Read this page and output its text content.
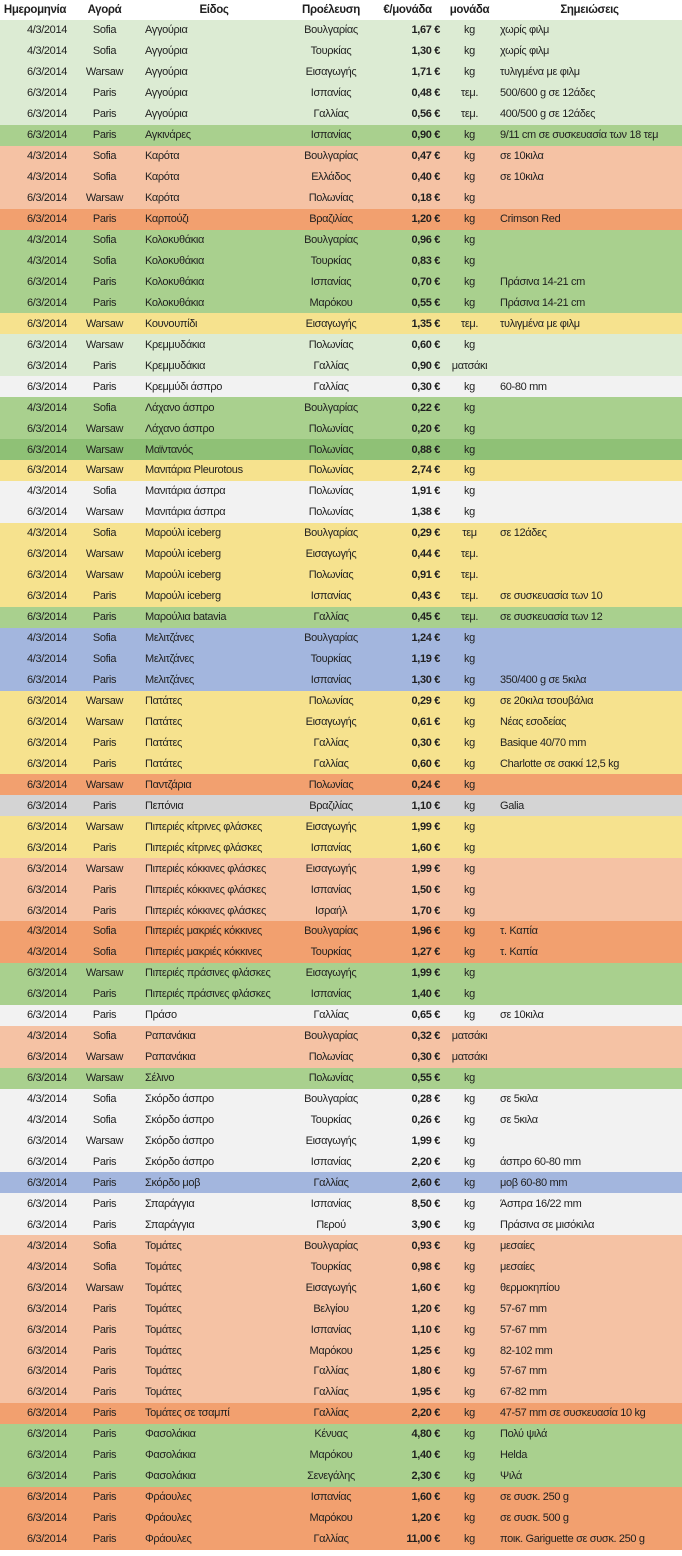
Ημερομηνία	Αγορά	Είδος	Προέλευση	€/μονάδα	μονάδα	Σημειώσεις
4/3/2014	Sofia	Αγγούρια	Βουλγαρίας	1,67 €	kg	χωρίς φιλμ
4/3/2014	Sofia	Αγγούρια	Τουρκίας	1,30 €	kg	χωρίς φιλμ
6/3/2014	Warsaw	Αγγούρια	Εισαγωγής	1,71 €	kg	τυλιγμένα με φιλμ
6/3/2014	Paris	Αγγούρια	Ισπανίας	0,48 €	τεμ.	500/600 g σε 12άδες
6/3/2014	Paris	Αγγούρια	Γαλλίας	0,56 €	τεμ.	400/500 g σε 12άδες
6/3/2014	Paris	Αγκινάρες	Ισπανίας	0,90 €	kg	9/11 cm σε συσκευασία των 18 τεμ
4/3/2014	Sofia	Καρότα	Βουλγαρίας	0,47 €	kg	σε 10κιλα
4/3/2014	Sofia	Καρότα	Ελλάδος	0,40 €	kg	σε 10κιλα
6/3/2014	Warsaw	Καρότα	Πολωνίας	0,18 €	kg
6/3/2014	Paris	Καρπούζι	Βραζιλίας	1,20 €	kg	Crimson Red
4/3/2014	Sofia	Κολοκυθάκια	Βουλγαρίας	0,96 €	kg
4/3/2014	Sofia	Κολοκυθάκια	Τουρκίας	0,83 €	kg
6/3/2014	Paris	Κολοκυθάκια	Ισπανίας	0,70 €	kg	Πράσινα 14-21 cm
6/3/2014	Paris	Κολοκυθάκια	Μαρόκου	0,55 €	kg	Πράσινα 14-21 cm
6/3/2014	Warsaw	Κουνουπίδι	Εισαγωγής	1,35 €	τεμ.	τυλιγμένα με φιλμ
6/3/2014	Warsaw	Κρεμμυδάκια	Πολωνίας	0,60 €	kg
6/3/2014	Paris	Κρεμμυδάκια	Γαλλίας	0,90 €	ματσάκι
6/3/2014	Paris	Κρεμμύδι άσπρο	Γαλλίας	0,30 €	kg	60-80 mm
4/3/2014	Sofia	Λάχανο άσπρο	Βουλγαρίας	0,22 €	kg
6/3/2014	Warsaw	Λάχανο άσπρο	Πολωνίας	0,20 €	kg
6/3/2014	Warsaw	Μαϊντανός	Πολωνίας	0,88 €	kg
6/3/2014	Warsaw	Μανιτάρια Pleurotous	Πολωνίας	2,74 €	kg
4/3/2014	Sofia	Μανιτάρια άσπρα	Πολωνίας	1,91 €	kg
6/3/2014	Warsaw	Μανιτάρια άσπρα	Πολωνίας	1,38 €	kg
4/3/2014	Sofia	Μαρούλι iceberg	Βουλγαρίας	0,29 €	τεμ	σε 12άδες
6/3/2014	Warsaw	Μαρούλι iceberg	Εισαγωγής	0,44 €	τεμ.
6/3/2014	Warsaw	Μαρούλι iceberg	Πολωνίας	0,91 €	τεμ.
6/3/2014	Paris	Μαρούλι iceberg	Ισπανίας	0,43 €	τεμ.	σε συσκευασία των 10
6/3/2014	Paris	Μαρούλια batavia	Γαλλίας	0,45 €	τεμ.	σε συσκευασία των 12
4/3/2014	Sofia	Μελιτζάνες	Βουλγαρίας	1,24 €	kg
4/3/2014	Sofia	Μελιτζάνες	Τουρκίας	1,19 €	kg
6/3/2014	Paris	Μελιτζάνες	Ισπανίας	1,30 €	kg	350/400 g σε 5κιλα
6/3/2014	Warsaw	Πατάτες	Πολωνίας	0,29 €	kg	σε 20κιλα τσουβάλια
6/3/2014	Warsaw	Πατάτες	Εισαγωγής	0,61 €	kg	Νέας εσοδείας
6/3/2014	Paris	Πατάτες	Γαλλίας	0,30 €	kg	Basique 40/70 mm
6/3/2014	Paris	Πατάτες	Γαλλίας	0,60 €	kg	Charlotte σε σακκί 12,5 kg
6/3/2014	Warsaw	Παντζάρια	Πολωνίας	0,24 €	kg
6/3/2014	Paris	Πεπόνια	Βραζιλίας	1,10 €	kg	Galia
6/3/2014	Warsaw	Πιπεριές κίτρινες φλάσκες	Εισαγωγής	1,99 €	kg
6/3/2014	Paris	Πιπεριές κίτρινες φλάσκες	Ισπανίας	1,60 €	kg
6/3/2014	Warsaw	Πιπεριές κόκκινες φλάσκες	Εισαγωγής	1,99 €	kg
6/3/2014	Paris	Πιπεριές κόκκινες φλάσκες	Ισπανίας	1,50 €	kg
6/3/2014	Paris	Πιπεριές κόκκινες φλάσκες	Ισραήλ	1,70 €	kg
4/3/2014	Sofia	Πιπεριές μακριές κόκκινες	Βουλγαρίας	1,96 €	kg	τ. Καπία
4/3/2014	Sofia	Πιπεριές μακριές κόκκινες	Τουρκίας	1,27 €	kg	τ. Καπία
6/3/2014	Warsaw	Πιπεριές πράσινες φλάσκες	Εισαγωγής	1,99 €	kg
6/3/2014	Paris	Πιπεριές πράσινες φλάσκες	Ισπανίας	1,40 €	kg
6/3/2014	Paris	Πράσο	Γαλλίας	0,65 €	kg	σε 10κιλα
4/3/2014	Sofia	Ραπανάκια	Βουλγαρίας	0,32 €	ματσάκι
6/3/2014	Warsaw	Ραπανάκια	Πολωνίας	0,30 €	ματσάκι
6/3/2014	Warsaw	Σέλινο	Πολωνίας	0,55 €	kg
4/3/2014	Sofia	Σκόρδο άσπρο	Βουλγαρίας	0,28 €	kg	σε 5κιλα
4/3/2014	Sofia	Σκόρδο άσπρο	Τουρκίας	0,26 €	kg	σε 5κιλα
6/3/2014	Warsaw	Σκόρδο άσπρο	Εισαγωγής	1,99 €	kg
6/3/2014	Paris	Σκόρδο άσπρο	Ισπανίας	2,20 €	kg	άσπρο 60-80 mm
6/3/2014	Paris	Σκόρδο μοβ	Γαλλίας	2,60 €	kg	μοβ 60-80 mm
6/3/2014	Paris	Σπαράγγια	Ισπανίας	8,50 €	kg	Άσπρα 16/22 mm
6/3/2014	Paris	Σπαράγγια	Περού	3,90 €	kg	Πράσινα σε μισόκιλα
4/3/2014	Sofia	Τομάτες	Βουλγαρίας	0,93 €	kg	μεσαίες
4/3/2014	Sofia	Τομάτες	Τουρκίας	0,98 €	kg	μεσαίες
6/3/2014	Warsaw	Τομάτες	Εισαγωγής	1,60 €	kg	θερμοκηπίου
6/3/2014	Paris	Τομάτες	Βελγίου	1,20 €	kg	57-67 mm
6/3/2014	Paris	Τομάτες	Ισπανίας	1,10 €	kg	57-67 mm
6/3/2014	Paris	Τομάτες	Μαρόκου	1,25 €	kg	82-102 mm
6/3/2014	Paris	Τομάτες	Γαλλίας	1,80 €	kg	57-67 mm
6/3/2014	Paris	Τομάτες	Γαλλίας	1,95 €	kg	67-82 mm
6/3/2014	Paris	Τομάτες σε τσαμπί	Γαλλίας	2,20 €	kg	47-57 mm σε συσκευασία 10 kg
6/3/2014	Paris	Φασολάκια	Κένυας	4,80 €	kg	Πολύ ψιλά
6/3/2014	Paris	Φασολάκια	Μαρόκου	1,40 €	kg	Helda
6/3/2014	Paris	Φασολάκια	Σενεγάλης	2,30 €	kg	Ψιλά
6/3/2014	Paris	Φράουλες	Ισπανίας	1,60 €	kg	σε συσκ. 250 g
6/3/2014	Paris	Φράουλες	Μαρόκου	1,20 €	kg	σε συσκ. 500 g
6/3/2014	Paris	Φράουλες	Γαλλίας	11,00 €	kg	ποικ. Gariguette σε συσκ. 250 g
